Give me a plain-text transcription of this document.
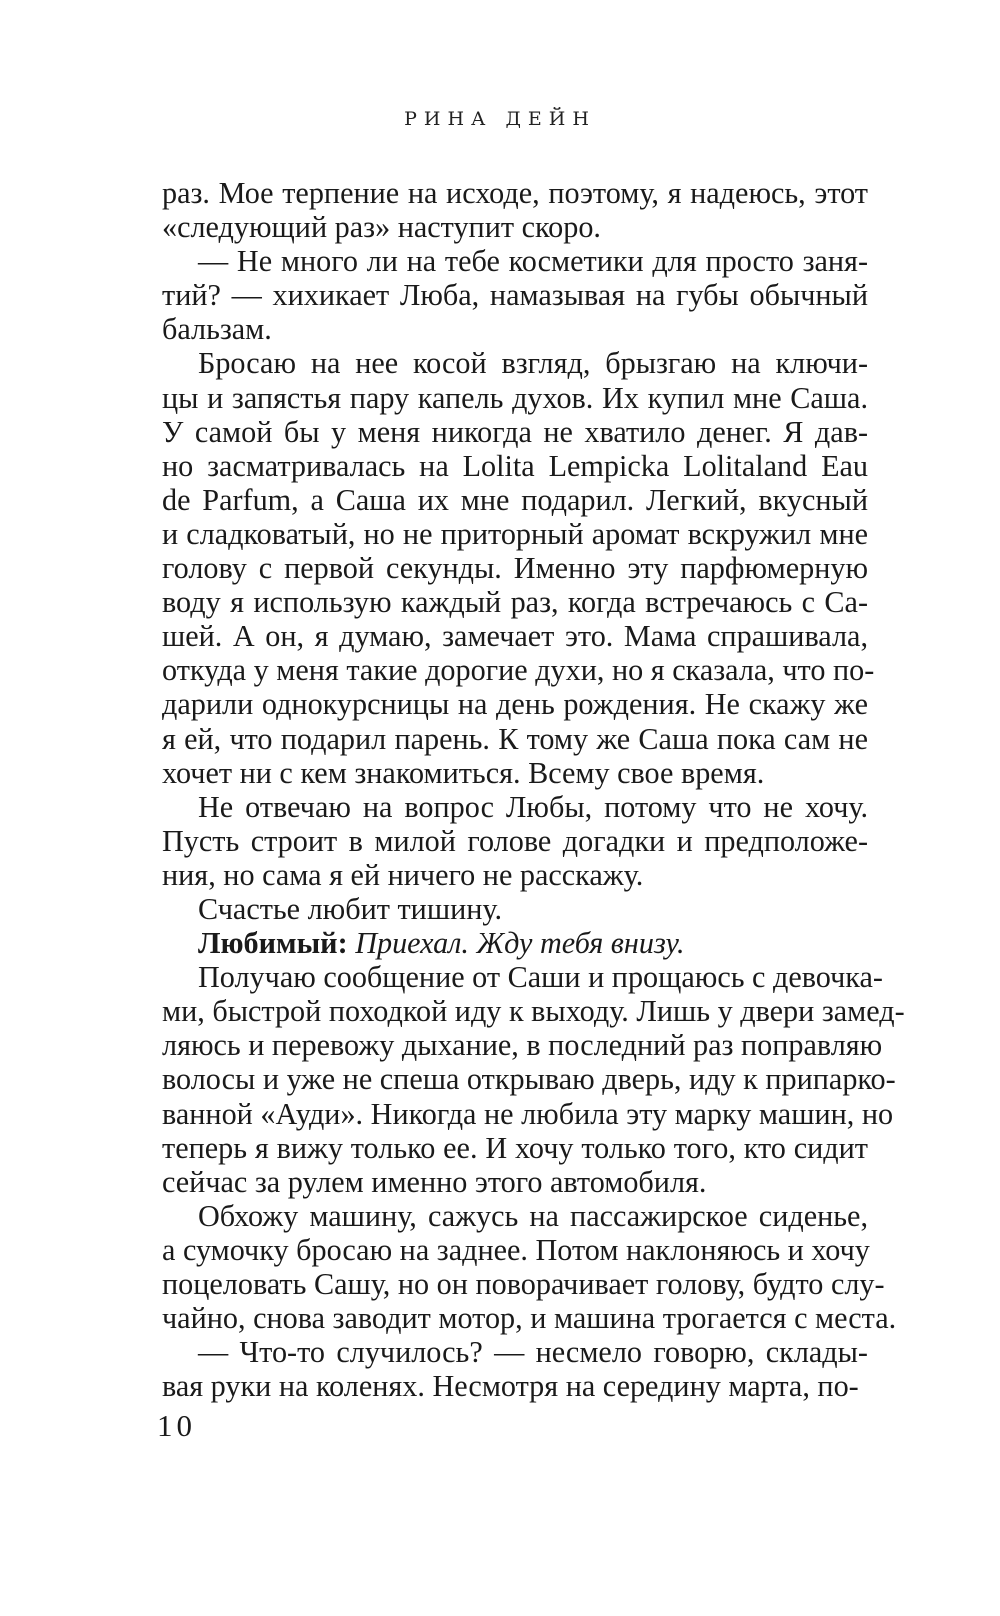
РИНА ДЕЙН
раз. Мое терпение на исходе, поэтому, я надеюсь, этот
«следующий раз» наступит скоро.
— Не много ли на тебе косметики для просто заня-
тий? — хихикает Люба, намазывая на губы обычный
бальзам.
Бросаю на нее косой взгляд, брызгаю на ключи-
цы и запястья пару капель духов. Их купил мне Саша.
У самой бы у меня никогда не хватило денег. Я дав-
но засматривалась на Lolita Lempicka Lolitaland Eau
de Parfum, а Саша их мне подарил. Легкий, вкусный
и сладковатый, но не приторный аромат вскружил мне
голову с первой секунды. Именно эту парфюмерную
воду я использую каждый раз, когда встречаюсь с Са-
шей. А он, я думаю, замечает это. Мама спрашивала,
откуда у меня такие дорогие духи, но я сказала, что по-
дарили однокурсницы на день рождения. Не скажу же
я ей, что подарил парень. К тому же Саша пока сам не
хочет ни с кем знакомиться. Всему свое время.
Не отвечаю на вопрос Любы, потому что не хочу.
Пусть строит в милой голове догадки и предположе-
ния, но сама я ей ничего не расскажу.
Счастье любит тишину.
Любимый: Приехал. Жду тебя внизу.
Получаю сообщение от Саши и прощаюсь с девочка-
ми, быстрой походкой иду к выходу. Лишь у двери замед-
ляюсь и перевожу дыхание, в последний раз поправляю
волосы и уже не спеша открываю дверь, иду к припарко-
ванной «Ауди». Никогда не любила эту марку машин, но
теперь я вижу только ее. И хочу только того, кто сидит
сейчас за рулем именно этого автомобиля.
Обхожу машину, сажусь на пассажирское сиденье,
а сумочку бросаю на заднее. Потом наклоняюсь и хочу
поцеловать Сашу, но он поворачивает голову, будто слу-
чайно, снова заводит мотор, и машина трогается с места.
— Что-то случилось? — несмело говорю, склады-
вая руки на коленях. Несмотря на середину марта, по-
10
